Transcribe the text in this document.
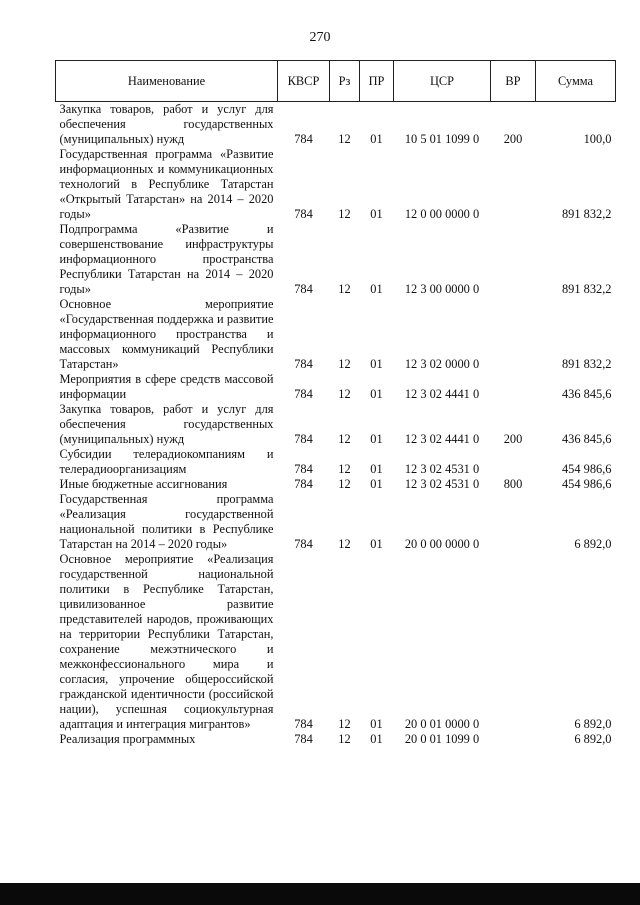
270
Наименование	КВСР	Рз	ПР	ЦСР	ВР	Сумма
Закупка товаров, работ и услуг для обеспечения государственных (муниципальных) нужд	784	12	01	10 5 01 1099 0	200	100,0
Государственная программа «Развитие информационных и коммуникационных технологий в Республике Татарстан «Открытый Татарстан» на 2014 – 2020 годы»	784	12	01	12 0 00 0000 0		891 832,2
Подпрограмма «Развитие и совершенствование инфраструктуры информационного пространства Республики Татарстан на 2014 – 2020 годы»	784	12	01	12 3 00 0000 0		891 832,2
Основное мероприятие «Государственная поддержка и развитие информационного пространства и массовых коммуникаций Республики Татарстан»	784	12	01	12 3 02 0000 0		891 832,2
Мероприятия в сфере средств массовой информации	784	12	01	12 3 02 4441 0		436 845,6
Закупка товаров, работ и услуг для обеспечения государственных (муниципальных) нужд	784	12	01	12 3 02 4441 0	200	436 845,6
Субсидии телерадиокомпаниям и телерадиоорганизациям	784	12	01	12 3 02 4531 0		454 986,6
Иные бюджетные ассигнования	784	12	01	12 3 02 4531 0	800	454 986,6
Государственная программа «Реализация государственной национальной политики в Республике Татарстан на 2014 – 2020 годы»	784	12	01	20 0 00 0000 0		6 892,0
Основное мероприятие «Реализация государственной национальной политики в Республике Татарстан, цивилизованное развитие представителей народов, проживающих на территории Республики Татарстан, сохранение межэтнического и межконфессионального мира и согласия, упрочение общероссийской гражданской идентичности (российской нации), успешная социокультурная адаптация и интеграция мигрантов»	784	12	01	20 0 01 0000 0		6 892,0
Реализация программных	784	12	01	20 0 01 1099 0		6 892,0
